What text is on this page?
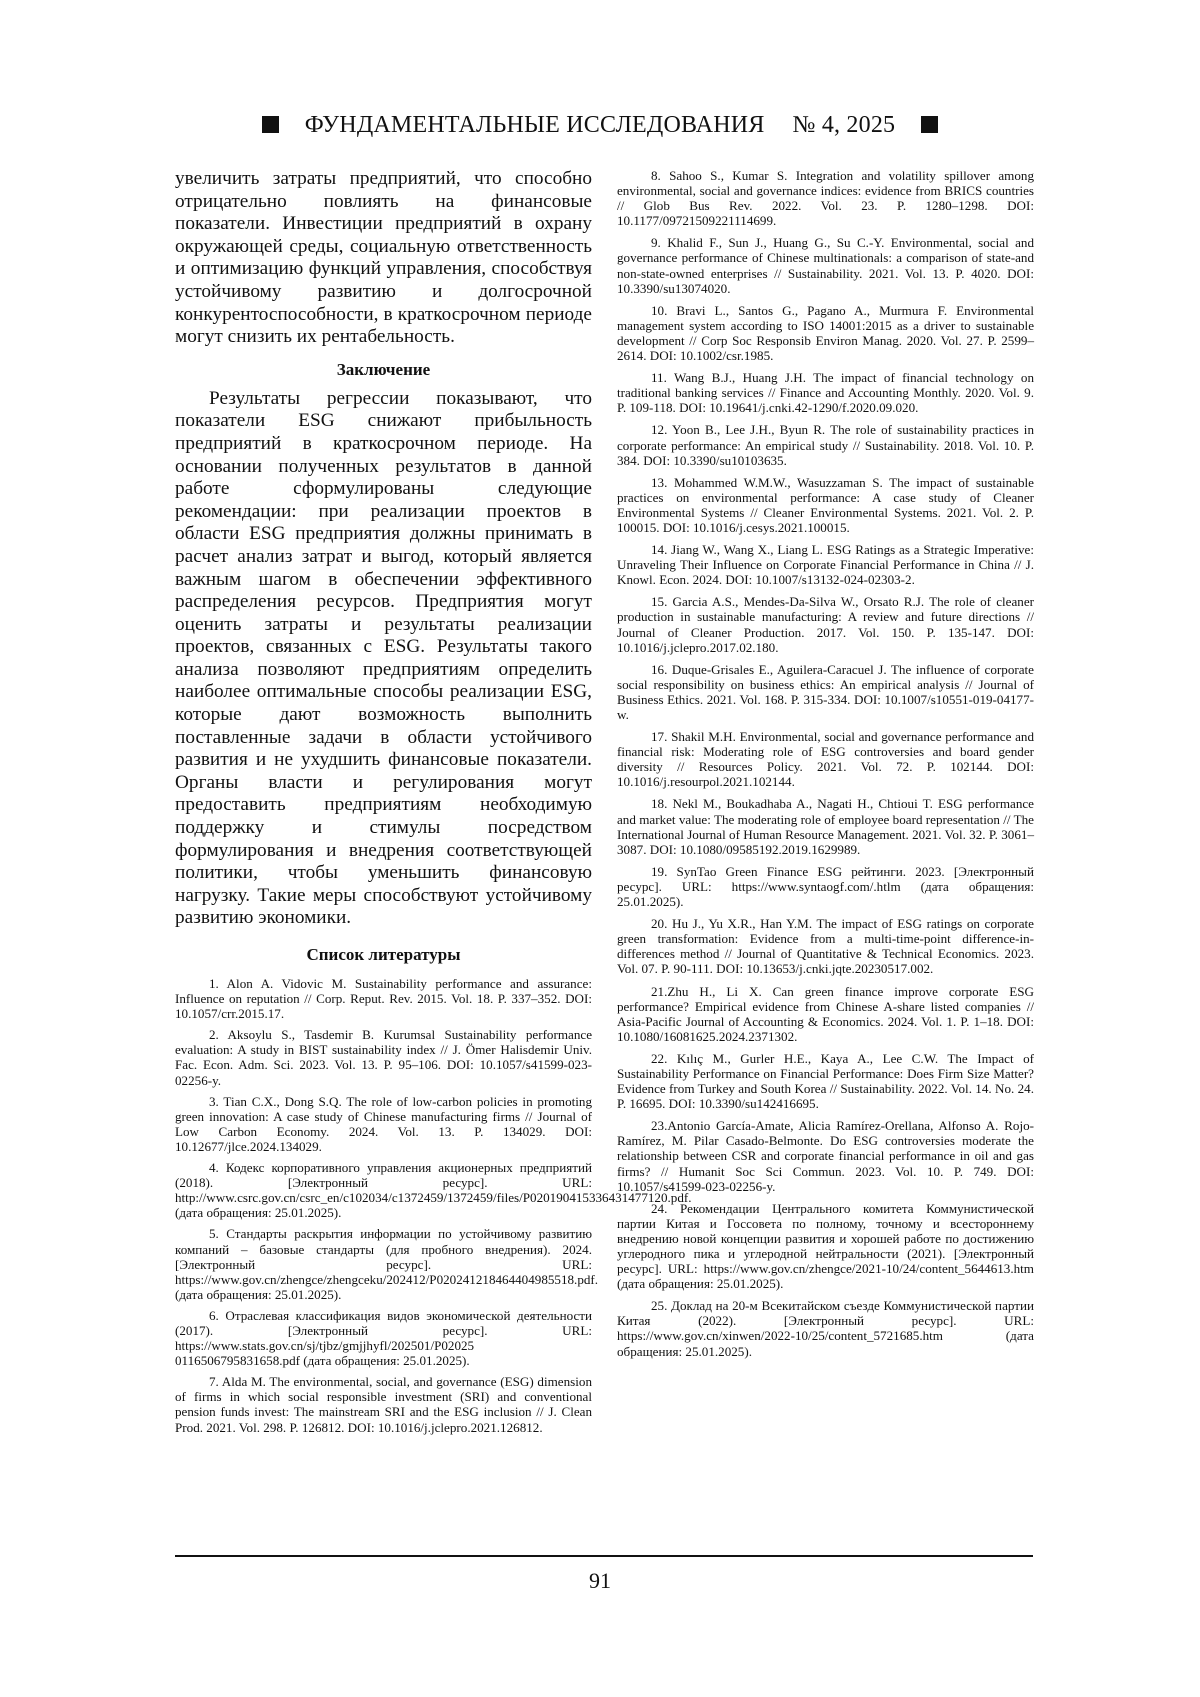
ФУНДАМЕНТАЛЬНЫЕ ИССЛЕДОВАНИЯ № 4, 2025

увеличить затраты предприятий, что способно отрицательно повлиять на финансовые показатели. Инвестиции предприятий в охрану окружающей среды, социальную ответственность и оптимизацию функций управления, способствуя устойчивому развитию и долгосрочной конкурентоспособности, в краткосрочном периоде могут снизить их рентабельность.

Заключение

Результаты регрессии показывают, что показатели ESG снижают прибыльность предприятий в краткосрочном периоде. На основании полученных результатов в данной работе сформулированы следующие рекомендации: при реализации проектов в области ESG предприятия должны принимать в расчет анализ затрат и выгод, который является важным шагом в обеспечении эффективного распределения ресурсов. Предприятия могут оценить затраты и результаты реализации проектов, связанных с ESG. Результаты такого анализа позволяют предприятиям определить наиболее оптимальные способы реализации ESG, которые дают возможность выполнить поставленные задачи в области устойчивого развития и не ухудшить финансовые показатели. Органы власти и регулирования могут предоставить предприятиям необходимую поддержку и стимулы посредством формулирования и внедрения соответствующей политики, чтобы уменьшить финансовую нагрузку. Такие меры способствуют устойчивому развитию экономики.

Список литературы

1. Alon A. Vidovic M. Sustainability performance and assurance: Influence on reputation // Corp. Reput. Rev. 2015. Vol. 18. P. 337–352. DOI: 10.1057/crr.2015.17.

2. Aksoylu S., Tasdemir B. Kurumsal Sustainability performance evaluation: A study in BIST sustainability index // J. Ömer Halisdemir Univ. Fac. Econ. Adm. Sci. 2023. Vol. 13. P. 95–106. DOI: 10.1057/s41599-023-02256-y.

3. Tian C.X., Dong S.Q. The role of low-carbon policies in promoting green innovation: A case study of Chinese manufacturing firms // Journal of Low Carbon Economy. 2024. Vol. 13. P. 134029. DOI: 10.12677/jlce.2024.134029.

4. Кодекс корпоративного управления акционерных предприятий (2018). [Электронный ресурс]. URL: http://www.csrc.gov.cn/csrc_en/c102034/c1372459/1372459/files/P020190415336431477120.pdf. (дата обращения: 25.01.2025).

5. Стандарты раскрытия информации по устойчивому развитию компаний – базовые стандарты (для пробного внедрения). 2024. [Электронный ресурс]. URL: https://www.gov.cn/zhengce/zhengceku/202412/P020241218464404985518.pdf. (дата обращения: 25.01.2025).

6. Отраслевая классификация видов экономической деятельности (2017). [Электронный ресурс]. URL: https://www.stats.gov.cn/sj/tjbz/gmjjhyfl/202501/P02025 0116506795831658.pdf (дата обращения: 25.01.2025).

7. Alda M. The environmental, social, and governance (ESG) dimension of firms in which social responsible investment (SRI) and conventional pension funds invest: The mainstream SRI and the ESG inclusion // J. Clean Prod. 2021. Vol. 298. P. 126812. DOI: 10.1016/j.jclepro.2021.126812.

8. Sahoo S., Kumar S. Integration and volatility spillover among environmental, social and governance indices: evidence from BRICS countries // Glob Bus Rev. 2022. Vol. 23. P. 1280–1298. DOI: 10.1177/09721509221114699.

9. Khalid F., Sun J., Huang G., Su C.-Y. Environmental, social and governance performance of Chinese multinationals: a comparison of state-and non-state-owned enterprises // Sustainability. 2021. Vol. 13. P. 4020. DOI: 10.3390/su13074020.

10. Bravi L., Santos G., Pagano A., Murmura F. Environmental management system according to ISO 14001:2015 as a driver to sustainable development // Corp Soc Responsib Environ Manag. 2020. Vol. 27. P. 2599–2614. DOI: 10.1002/csr.1985.

11. Wang B.J., Huang J.H. The impact of financial technology on traditional banking services // Finance and Accounting Monthly. 2020. Vol. 9. P. 109-118. DOI: 10.19641/j.cnki.42-1290/f.2020.09.020.

12. Yoon B., Lee J.H., Byun R. The role of sustainability practices in corporate performance: An empirical study // Sustainability. 2018. Vol. 10. P. 384. DOI: 10.3390/su10103635.

13. Mohammed W.M.W., Wasuzzaman S. The impact of sustainable practices on environmental performance: A case study of Cleaner Environmental Systems // Cleaner Environmental Systems. 2021. Vol. 2. P. 100015. DOI: 10.1016/j.cesys.2021.100015.

14. Jiang W., Wang X., Liang L. ESG Ratings as a Strategic Imperative: Unraveling Their Influence on Corporate Financial Performance in China // J. Knowl. Econ. 2024. DOI: 10.1007/s13132-024-02303-2.

15. Garcia A.S., Mendes-Da-Silva W., Orsato R.J. The role of cleaner production in sustainable manufacturing: A review and future directions // Journal of Cleaner Production. 2017. Vol. 150. P. 135-147. DOI: 10.1016/j.jclepro.2017.02.180.

16. Duque-Grisales E., Aguilera-Caracuel J. The influence of corporate social responsibility on business ethics: An empirical analysis // Journal of Business Ethics. 2021. Vol. 168. P. 315-334. DOI: 10.1007/s10551-019-04177-w.

17. Shakil M.H. Environmental, social and governance performance and financial risk: Moderating role of ESG controversies and board gender diversity // Resources Policy. 2021. Vol. 72. P. 102144. DOI: 10.1016/j.resourpol.2021.102144.

18. Nekl M., Boukadhaba A., Nagati H., Chtioui T. ESG performance and market value: The moderating role of employee board representation // The International Journal of Human Resource Management. 2021. Vol. 32. P. 3061–3087. DOI: 10.1080/09585192.2019.1629989.

19. SynTao Green Finance ESG рейтинги. 2023. [Электронный ресурс]. URL: https://www.syntaogf.com/.htlm (дата обращения: 25.01.2025).

20. Hu J., Yu X.R., Han Y.M. The impact of ESG ratings on corporate green transformation: Evidence from a multi-time-point difference-in-differences method // Journal of Quantitative & Technical Economics. 2023. Vol. 07. P. 90-111. DOI: 10.13653/j.cnki.jqte.20230517.002.

21.Zhu H., Li X. Can green finance improve corporate ESG performance? Empirical evidence from Chinese A-share listed companies // Asia-Pacific Journal of Accounting & Economics. 2024. Vol. 1. P. 1–18. DOI: 10.1080/16081625.2024.2371302.

22. Kılıç M., Gurler H.E., Kaya A., Lee C.W. The Impact of Sustainability Performance on Financial Performance: Does Firm Size Matter? Evidence from Turkey and South Korea // Sustainability. 2022. Vol. 14. No. 24. P. 16695. DOI: 10.3390/su142416695.

23.Antonio García-Amate, Alicia Ramírez-Orellana, Alfonso A. Rojo-Ramírez, M. Pilar Casado-Belmonte. Do ESG controversies moderate the relationship between CSR and corporate financial performance in oil and gas firms? // Humanit Soc Sci Commun. 2023. Vol. 10. P. 749. DOI: 10.1057/s41599-023-02256-y.

24. Рекомендации Центрального комитета Коммунистической партии Китая и Госсовета по полному, точному и всестороннему внедрению новой концепции развития и хорошей работе по достижению углеродного пика и углеродной нейтральности (2021). [Электронный ресурс]. URL: https://www.gov.cn/zhengce/2021-10/24/content_5644613.htm (дата обращения: 25.01.2025).

25. Доклад на 20-м Всекитайском съезде Коммунистической партии Китая (2022). [Электронный ресурс]. URL: https://www.gov.cn/xinwen/2022-10/25/content_5721685.htm (дата обращения: 25.01.2025).

91
